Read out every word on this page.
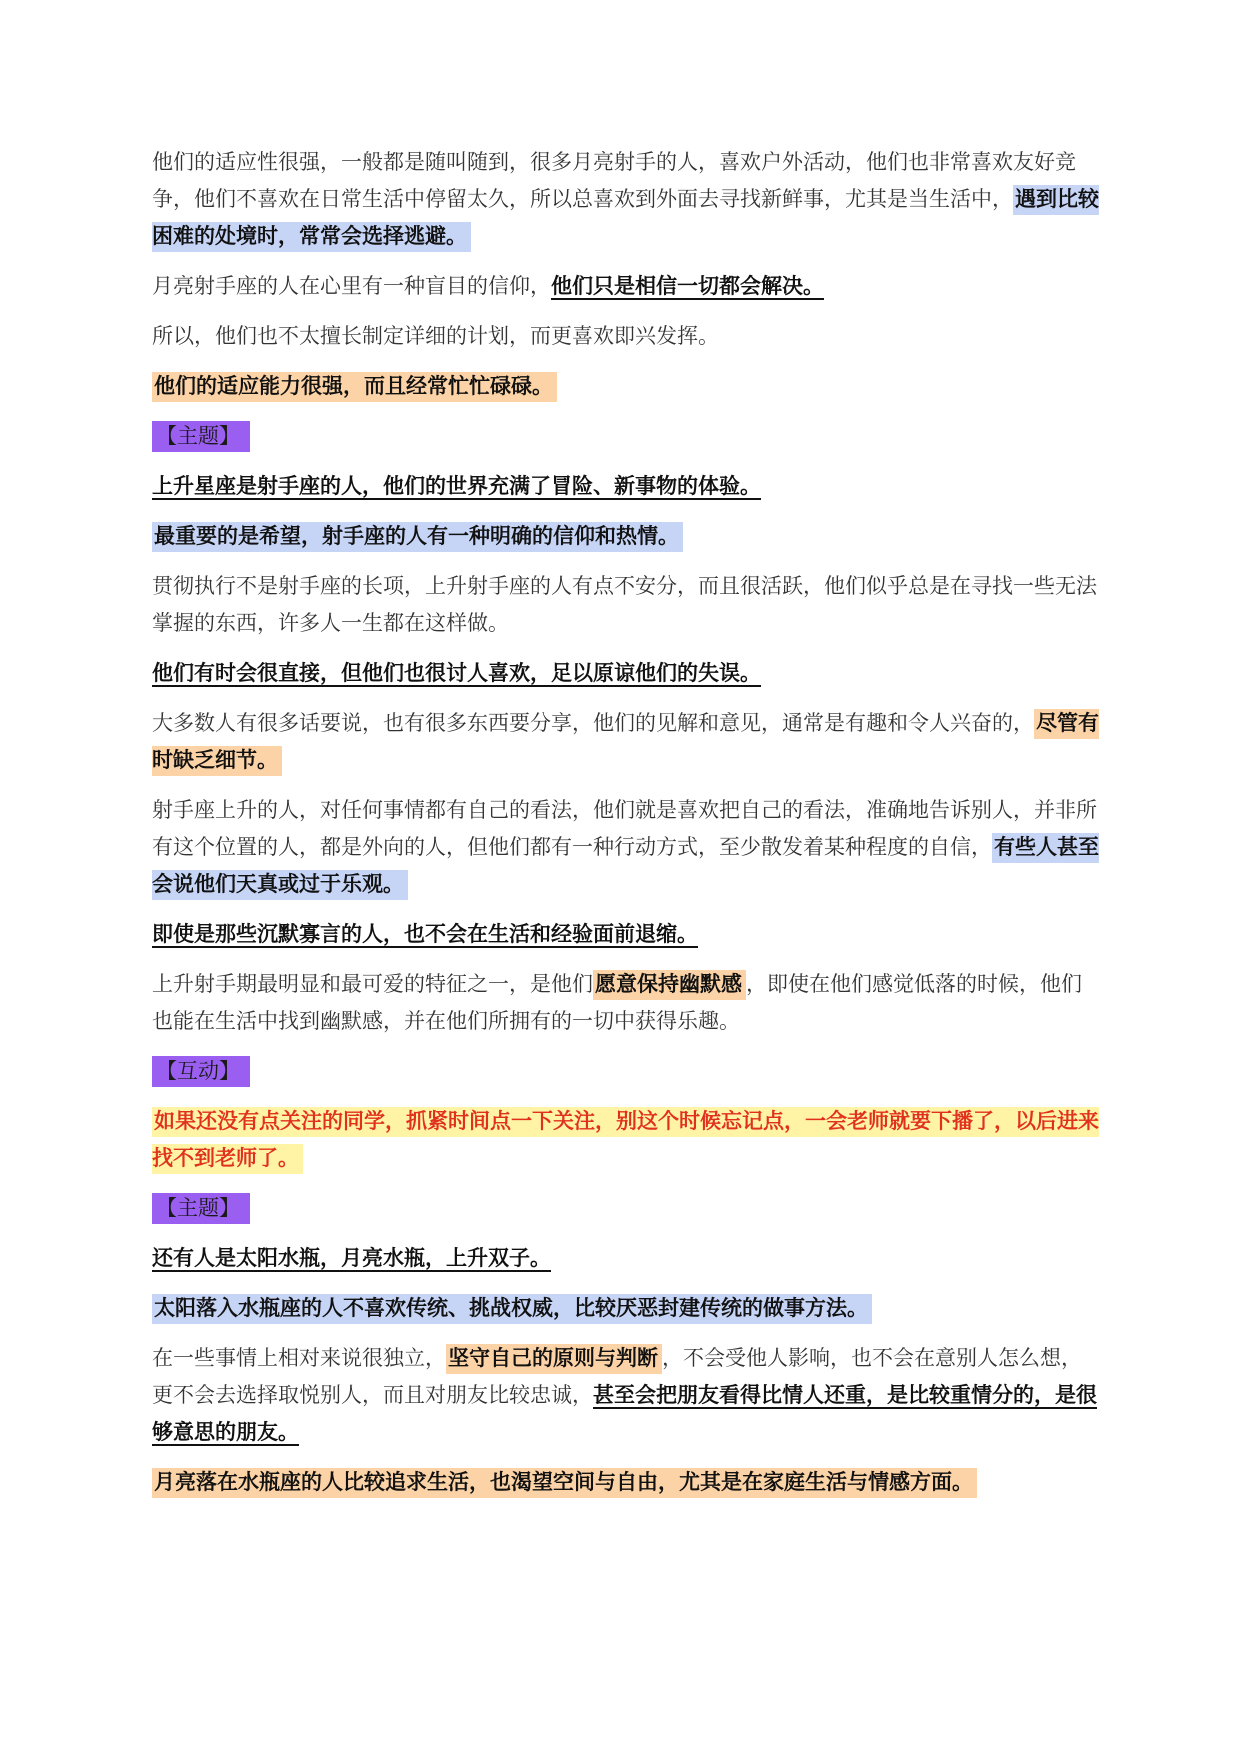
他们的适应性很强，一般都是随叫随到，很多月亮射手的人，喜欢户外活动，他们也非常喜欢友好竞争，他们不喜欢在日常生活中停留太久，所以总喜欢到外面去寻找新鲜事，尤其是当生活中，遇到比较困难的处境时，常常会选择逃避。

月亮射手座的人在心里有一种盲目的信仰，他们只是相信一切都会解决。

所以，他们也不太擅长制定详细的计划，而更喜欢即兴发挥。

他们的适应能力很强，而且经常忙忙碌碌。

【主题】

上升星座是射手座的人，他们的世界充满了冒险、新事物的体验。

最重要的是希望，射手座的人有一种明确的信仰和热情。

贯彻执行不是射手座的长项，上升射手座的人有点不安分，而且很活跃，他们似乎总是在寻找一些无法掌握的东西，许多人一生都在这样做。

他们有时会很直接，但他们也很讨人喜欢，足以原谅他们的失误。

大多数人有很多话要说，也有很多东西要分享，他们的见解和意见，通常是有趣和令人兴奋的，尽管有时缺乏细节。

射手座上升的人，对任何事情都有自己的看法，他们就是喜欢把自己的看法，准确地告诉别人，并非所有这个位置的人，都是外向的人，但他们都有一种行动方式，至少散发着某种程度的自信，有些人甚至会说他们天真或过于乐观。

即使是那些沉默寡言的人，也不会在生活和经验面前退缩。

上升射手期最明显和最可爱的特征之一，是他们愿意保持幽默感 ，即使在他们感觉低落的时候，他们也能在生活中找到幽默感，并在他们所拥有的一切中获得乐趣。

【互动】

如果还没有点关注的同学，抓紧时间点一下关注，别这个时候忘记点，一会老师就要下播了，以后进来找不到老师了。

【主题】

还有人是太阳水瓶，月亮水瓶，上升双子。

太阳落入水瓶座的人不喜欢传统、挑战权威，比较厌恶封建传统的做事方法。

在一些事情上相对来说很独立，坚守自己的原则与判断 ，不会受他人影响，也不会在意别人怎么想，更不会去选择取悦别人，而且对朋友比较忠诚，甚至会把朋友看得比情人还重，是比较重情分的，是很够意思的朋友。

月亮落在水瓶座的人比较追求生活，也渴望空间与自由，尤其是在家庭生活与情感方面。
